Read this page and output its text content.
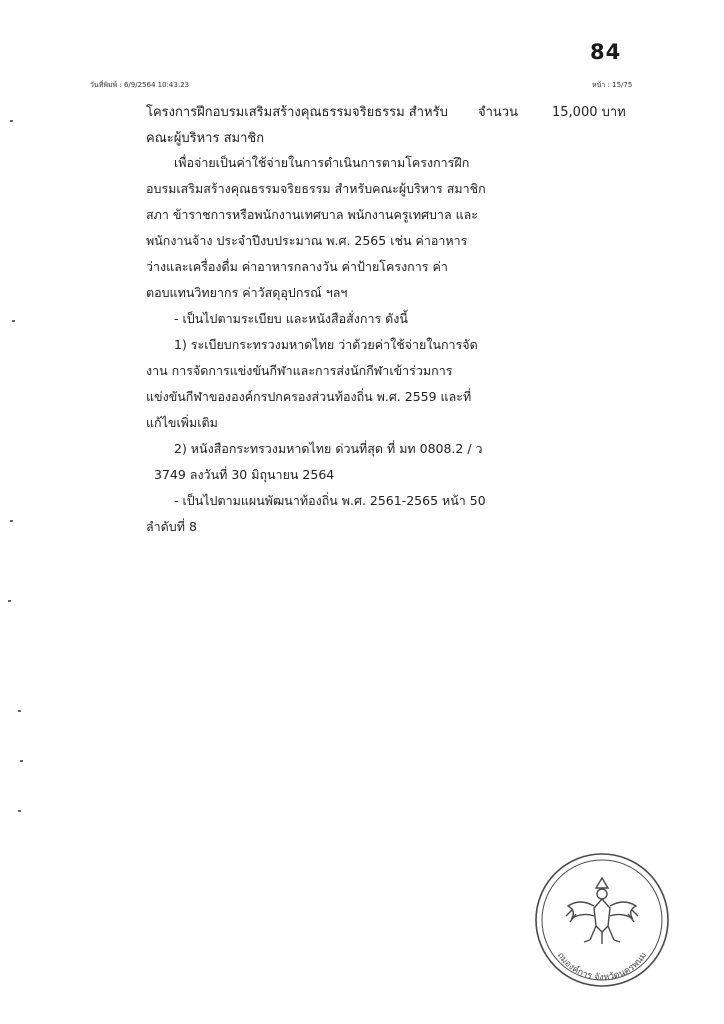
84
วันที่พิมพ์ : 6/9/2564 10:43:23	หน้า : 15/75
โครงการฝึกอบรมเสริมสร้างคุณธรรมจริยธรรม สำหรับคณะผู้บริหาร สมาชิก
จำนวน	15,000 บาท

เพื่อจ่ายเป็นค่าใช้จ่ายในการดำเนินการตามโครงการฝึกอบรมเสริมสร้างคุณธรรมจริยธรรม สำหรับคณะผู้บริหาร สมาชิกสภา ข้าราชการหรือพนักงานเทศบาล พนักงานครูเทศบาล และพนักงานจ้าง ประจำปีงบประมาณ พ.ศ. 2565 เช่น ค่าอาหารว่างและเครื่องดื่ม ค่าอาหารกลางวัน ค่าป้ายโครงการ ค่าตอบแทนวิทยากร ค่าวัสดุอุปกรณ์ ฯลฯ

- เป็นไปตามระเบียบ และหนังสือสั่งการ ดังนี้

1) ระเบียบกระทรวงมหาดไทย ว่าด้วยค่าใช้จ่ายในการจัดงาน การจัดการแข่งขันกีฬาและการส่งนักกีฬาเข้าร่วมการแข่งขันกีฬาขององค์กรปกครองส่วนท้องถิ่น พ.ศ. 2559 และที่แก้ไขเพิ่มเติม

2) หนังสือกระทรวงมหาดไทย ด่วนที่สุด ที่ มท 0808.2 / ว

3749 ลงวันที่ 30 มิถุนายน 2564

- เป็นไปตามแผนพัฒนาท้องถิ่น พ.ศ. 2561-2565 หน้า 50

ลำดับที่ 8

ถมองค์การ จังหวัดนครพนม
